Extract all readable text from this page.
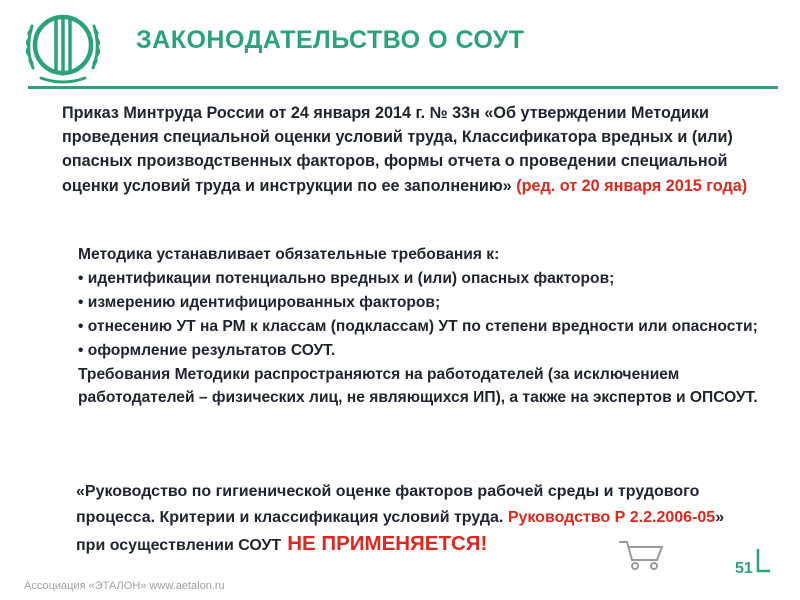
ЗАКОНОДАТЕЛЬСТВО О СОУТ
Приказ Минтруда России от 24 января 2014 г. № 33н «Об утверждении Методики проведения специальной оценки условий труда, Классификатора вредных и (или) опасных производственных факторов, формы отчета о проведении специальной оценки условий труда и инструкции по ее заполнению» (ред. от 20 января 2015 года)
Методика устанавливает обязательные требования к:
• идентификации потенциально вредных и (или) опасных факторов;
• измерению идентифицированных факторов;
• отнесению УТ на РМ к классам (подклассам) УТ по степени вредности или опасности;
• оформление результатов СОУТ.
Требования Методики распространяются на работодателей (за исключением работодателей – физических лиц, не являющихся ИП), а также на экспертов и ОПСОУТ.
«Руководство по гигиенической оценке факторов рабочей среды и трудового процесса. Критерии и классификация условий труда. Руководство Р 2.2.2006-05» при осуществлении СОУТ НЕ ПРИМЕНЯЕТСЯ!
51
Ассоциация «ЭТАЛОН» www.aetalon.ru
